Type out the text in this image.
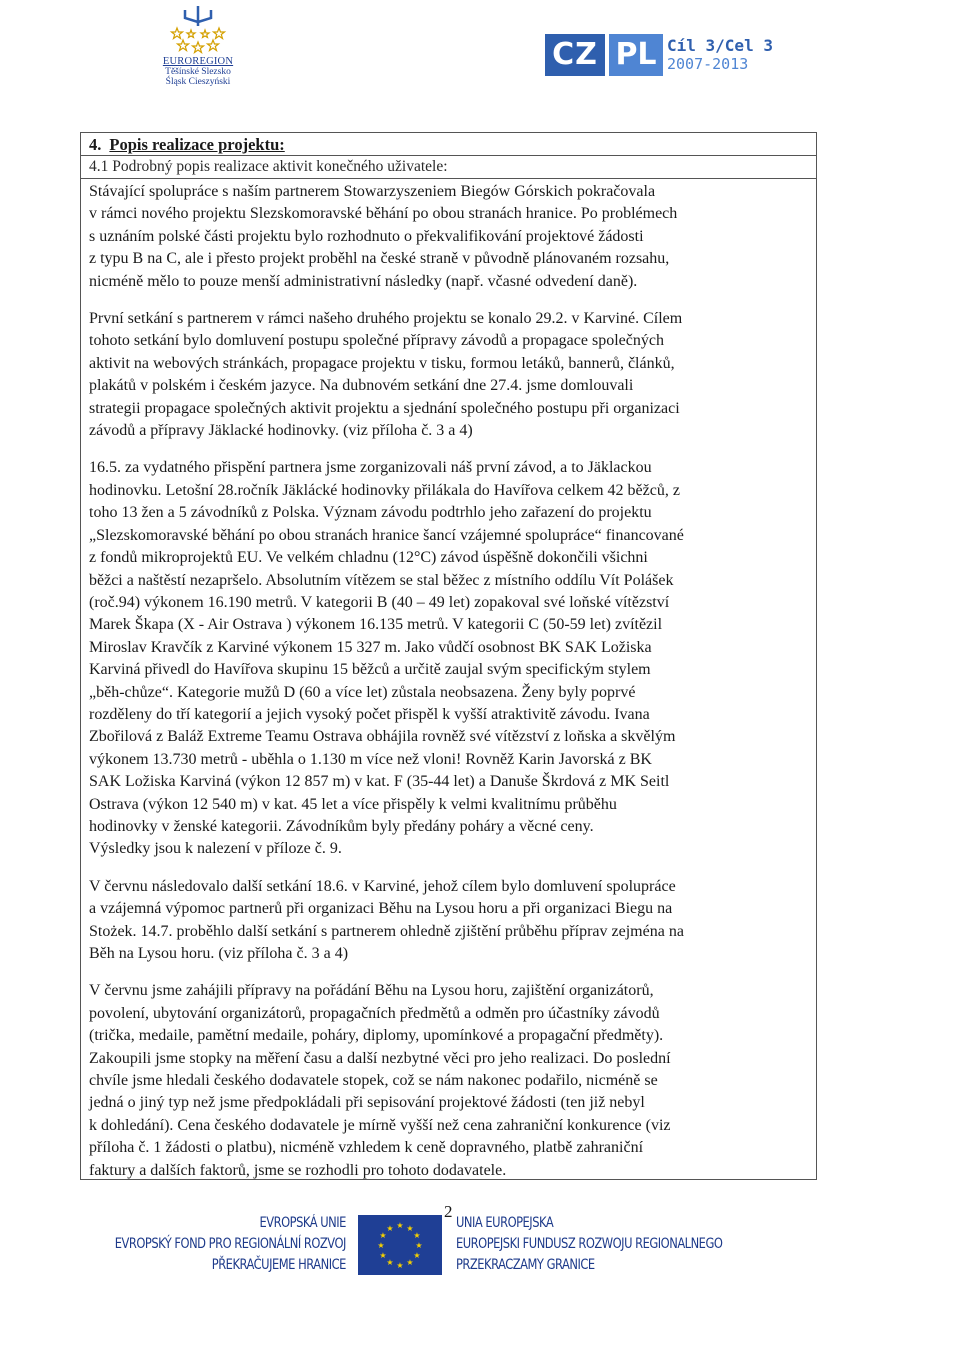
EUROREGION
Těšínské Slezsko
Śląsk Cieszyński
CZ PL Cíl 3/Cel 3
2007-2013
4. Popis realizace projektu:
4.1 Podrobný popis realizace aktivit konečného uživatele:

Stávající spolupráce s naším partnerem Stowarzyszeniem Biegów Górskich pokračovala
v rámci nového projektu Slezskomoravské běhání po obou stranách hranice. Po problémech
s uznáním polské části projektu bylo rozhodnuto o překvalifikování projektové žádosti
z typu B na C, ale i přesto projekt proběhl na české straně v původně plánovaném rozsahu,
nicméně mělo to pouze menší administrativní následky (např. včasné odvedení daně).

První setkání s partnerem v rámci našeho druhého projektu se konalo 29.2. v Karviné. Cílem
tohoto setkání bylo domluvení postupu společné přípravy závodů a propagace společných
aktivit na webových stránkách, propagace projektu v tisku, formou letáků, bannerů, článků,
plakátů v polském i českém jazyce. Na dubnovém setkání dne 27.4. jsme domlouvali
strategii propagace společných aktivit projektu a sjednání společného postupu při organizaci
závodů a přípravy Jäklacké hodinovky. (viz příloha č. 3 a 4)

16.5. za vydatného přispění partnera jsme zorganizovali náš první závod, a to Jäklackou
hodinovku. Letošní 28.ročník Jäklácké hodinovky přilákala do Havířova celkem 42 běžců, z
toho 13 žen a 5 závodníků z Polska. Význam závodu podtrhlo jeho zařazení do projektu
„Slezskomoravské běhání po obou stranách hranice šancí vzájemné spolupráce“ financované
z fondů mikroprojektů EU. Ve velkém chladnu (12°C) závod úspěšně dokončili všichni
běžci a naštěstí nezapršelo. Absolutním vítězem se stal běžec z místního oddílu Vít Polášek
(roč.94) výkonem 16.190 metrů. V kategorii B (40 – 49 let) zopakoval své loňské vítězství
Marek Škapa (X - Air Ostrava ) výkonem 16.135 metrů. V kategorii C (50-59 let) zvítězil
Miroslav Kravčík z Karviné výkonem 15 327 m. Jako vůdčí osobnost BK SAK Ložiska
Karviná přivedl do Havířova skupinu 15 běžců a určitě zaujal svým specifickým stylem
„běh-chůze“. Kategorie mužů D (60 a více let) zůstala neobsazena. Ženy byly poprvé
rozděleny do tří kategorií a jejich vysoký počet přispěl k vyšší atraktivitě závodu. Ivana
Zbořilová z Baláž Extreme Teamu Ostrava obhájila rovněž své vítězství z loňska a skvělým
výkonem 13.730 metrů - uběhla o 1.130 m více než vloni! Rovněž Karin Javorská z BK
SAK Ložiska Karviná (výkon 12 857 m) v kat. F (35-44 let) a Danuše Škrdová z MK Seitl
Ostrava (výkon 12 540 m) v kat. 45 let a více přispěly k velmi kvalitnímu průběhu
hodinovky v ženské kategorii. Závodníkům byly předány poháry a věcné ceny.
Výsledky jsou k nalezení v příloze č. 9.

V červnu následovalo další setkání 18.6. v Karviné, jehož cílem bylo domluvení spolupráce
a vzájemná výpomoc partnerů při organizaci Běhu na Lysou horu a při organizaci Biegu na
Stożek. 14.7. proběhlo další setkání s partnerem ohledně zjištění průběhu příprav zejména na
Běh na Lysou horu. (viz příloha č. 3 a 4)

V červnu jsme zahájili přípravy na pořádání Běhu na Lysou horu, zajištění organizátorů,
povolení, ubytování organizátorů, propagačních předmětů a odměn pro účastníky závodů
(trička, medaile, pamětní medaile, poháry, diplomy, upomínkové a propagační předměty).
Zakoupili jsme stopky na měření času a další nezbytné věci pro jeho realizaci. Do poslední
chvíle jsme hledali českého dodavatele stopek, což se nám nakonec podařilo, nicméně se
jedná o jiný typ než jsme předpokládali při sepisování projektové žádosti (ten již nebyl
k dohledání). Cena českého dodavatele je mírně vyšší než cena zahraniční konkurence (viz
příloha č. 1 žádosti o platbu), nicméně vzhledem k ceně dopravného, platbě zahraniční
faktury a dalších faktorů, jsme se rozhodli pro tohoto dodavatele.

2
EVROPSKÁ UNIE
EVROPSKÝ FOND PRO REGIONÁLNÍ ROZVOJ
PŘEKRAČUJEME HRANICE
★ ★
★
★
★
★
★
★
★
★
★
★	UNIA EUROPEJSKA
EUROPEJSKI FUNDUSZ ROZWOJU REGIONALNEGO
PRZEKRACZAMY GRANICE
